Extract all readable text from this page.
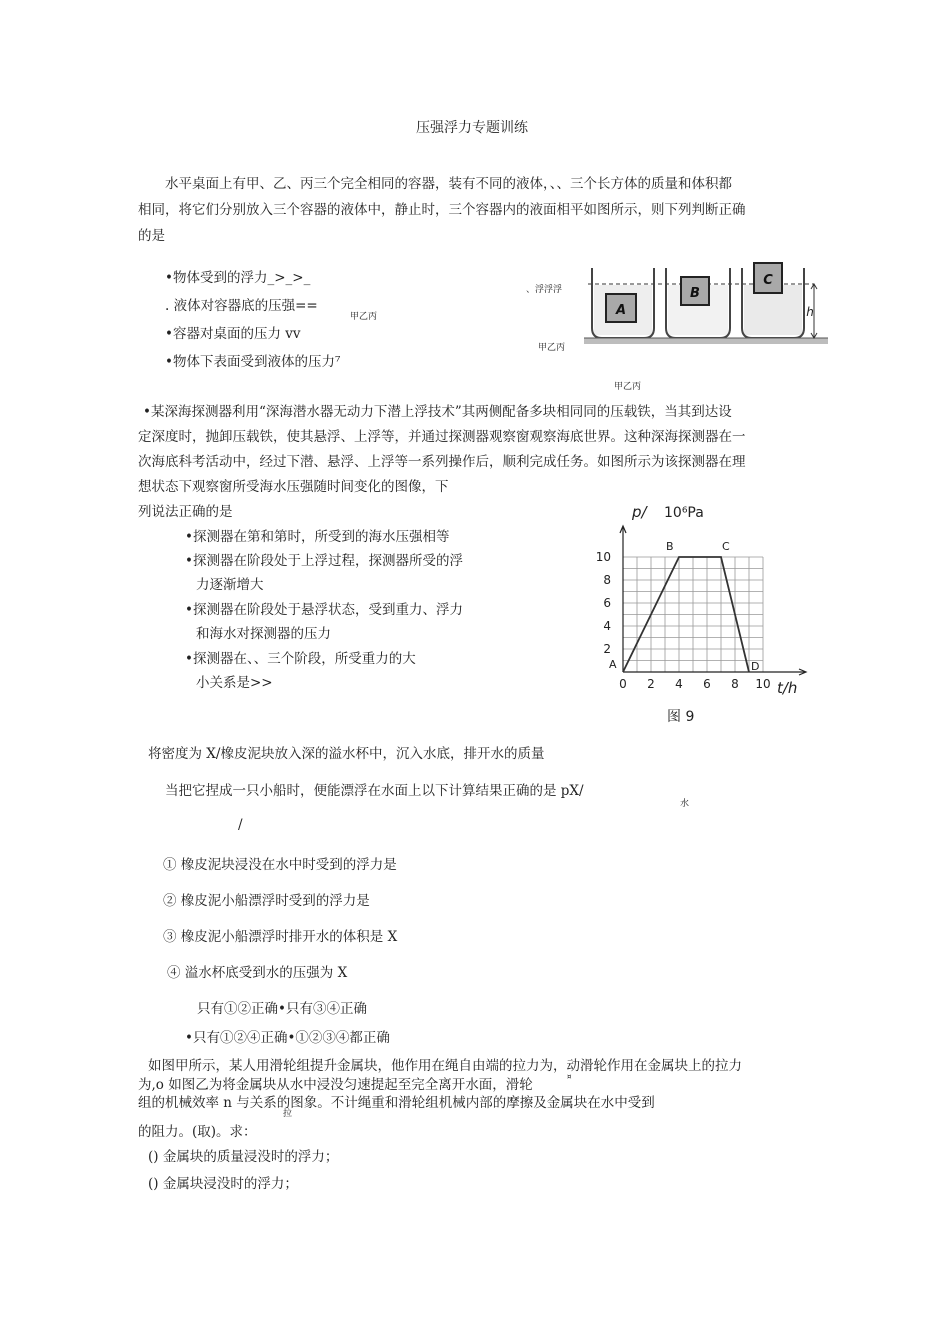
压强浮力专题训练
水平桌面上有甲、乙、丙三个完全相同的容器，装有不同的液体，、、三个长方体的质量和体积都
相同，将它们分别放入三个容器的液体中，静止时，三个容器内的液面相平如图所示，则下列判断正确
的是
•物体受到的浮力_>_>_
. 液体对容器底的压强==
甲乙丙
•容器对桌面的压力 vv
•物体下表面受到液体的压力⁷
、浮浮浮
甲乙丙
甲乙丙
A
B
C
h
•某深海探测器利用“深海潜水器无动力下潜上浮技术”其两侧配备多块相同同的压载铁，当其到达设
定深度时，抛卸压载铁，使其悬浮、上浮等，并通过探测器观察窗观察海底世界。这种深海探测器在一
次海底科考活动中，经过下潜、悬浮、上浮等一系列操作后，顺利完成任务。如图所示为该探测器在理
想状态下观察窗所受海水压强随时间变化的图像，下
列说法正确的是
•探测器在第和第时，所受到的海水压强相等
•探测器在阶段处于上浮过程，探测器所受的浮
力逐渐增大
•探测器在阶段处于悬浮状态，受到重力、浮力
和海水对探测器的压力
•探测器在、、三个阶段，所受重力的大
小关系是>>	0 2 4 6 8 10
2
4
6
8
10
A
B	C
D
p/ 10⁶Pa
t/h
图 9
将密度为 X/橡皮泥块放入深的溢水杯中，沉入水底，排开水的质量
当把它捏成一只小船时，便能漂浮在水面上以下计算结果正确的是 pX/
水
/
① 橡皮泥块浸没在水中时受到的浮力是
② 橡皮泥小船漂浮时受到的浮力是
③ 橡皮泥小船漂浮时排开水的体积是 X
④ 溢水杯底受到水的压强为 X
只有①②正确•只有③④正确
•只有①②④正确•①②③④都正确
如图甲所示，某人用滑轮组提升金属块，他作用在绳自由端的拉力为，动滑轮作用在金属块上的拉力
为,o 如图乙为将金属块从水中浸没匀速提起至完全离开水面，滑轮	¤
组的机械效率 n 与关系的图象。不计绳重和滑轮组机械内部的摩擦及金属块在水中受到
拉
的阻力。(取)。求：
() 金属块的质量浸没时的浮力；
() 金属块浸没时的浮力；
